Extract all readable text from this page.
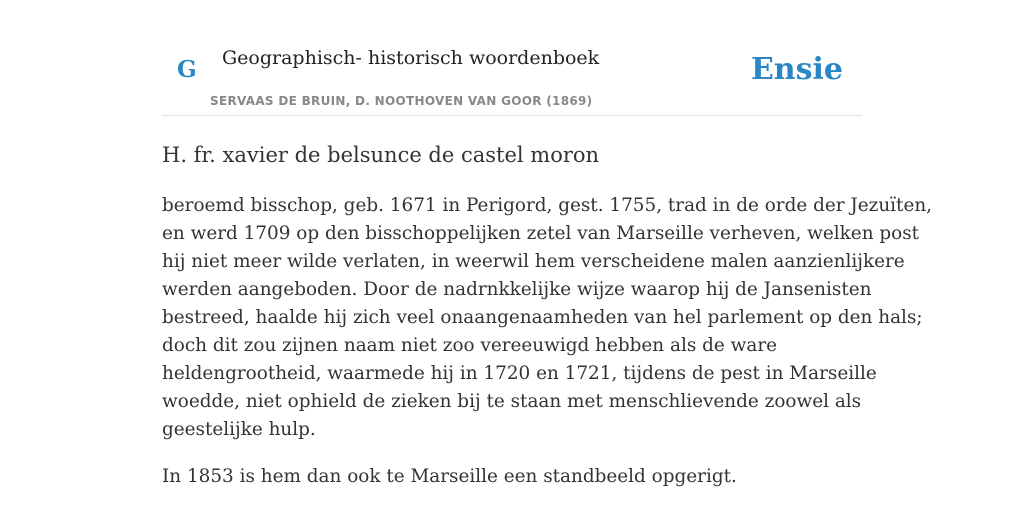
G Geographisch- historisch woordenboek
SERVAAS DE BRUIN, D. NOOTHOVEN VAN GOOR (1869)
Ensie
H. fr. xavier de belsunce de castel moron
beroemd bisschop, geb. 1671 in Perigord, gest. 1755, trad in de orde der Jezuïten,
en werd 1709 op den bisschoppelijken zetel van Marseille verheven, welken post
hij niet meer wilde verlaten, in weerwil hem verscheidene malen aanzienlijkere
werden aangeboden. Door de nadrnkkelijke wijze waarop hij de Jansenisten
bestreed, haalde hij zich veel onaangenaamheden van hel parlement op den hals;
doch dit zou zijnen naam niet zoo vereeuwigd hebben als de ware
heldengrootheid, waarmede hij in 1720 en 1721, tijdens de pest in Marseille
woedde, niet ophield de zieken bij te staan met menschlievende zoowel als
geestelijke hulp.

In 1853 is hem dan ook te Marseille een standbeeld opgerigt.
